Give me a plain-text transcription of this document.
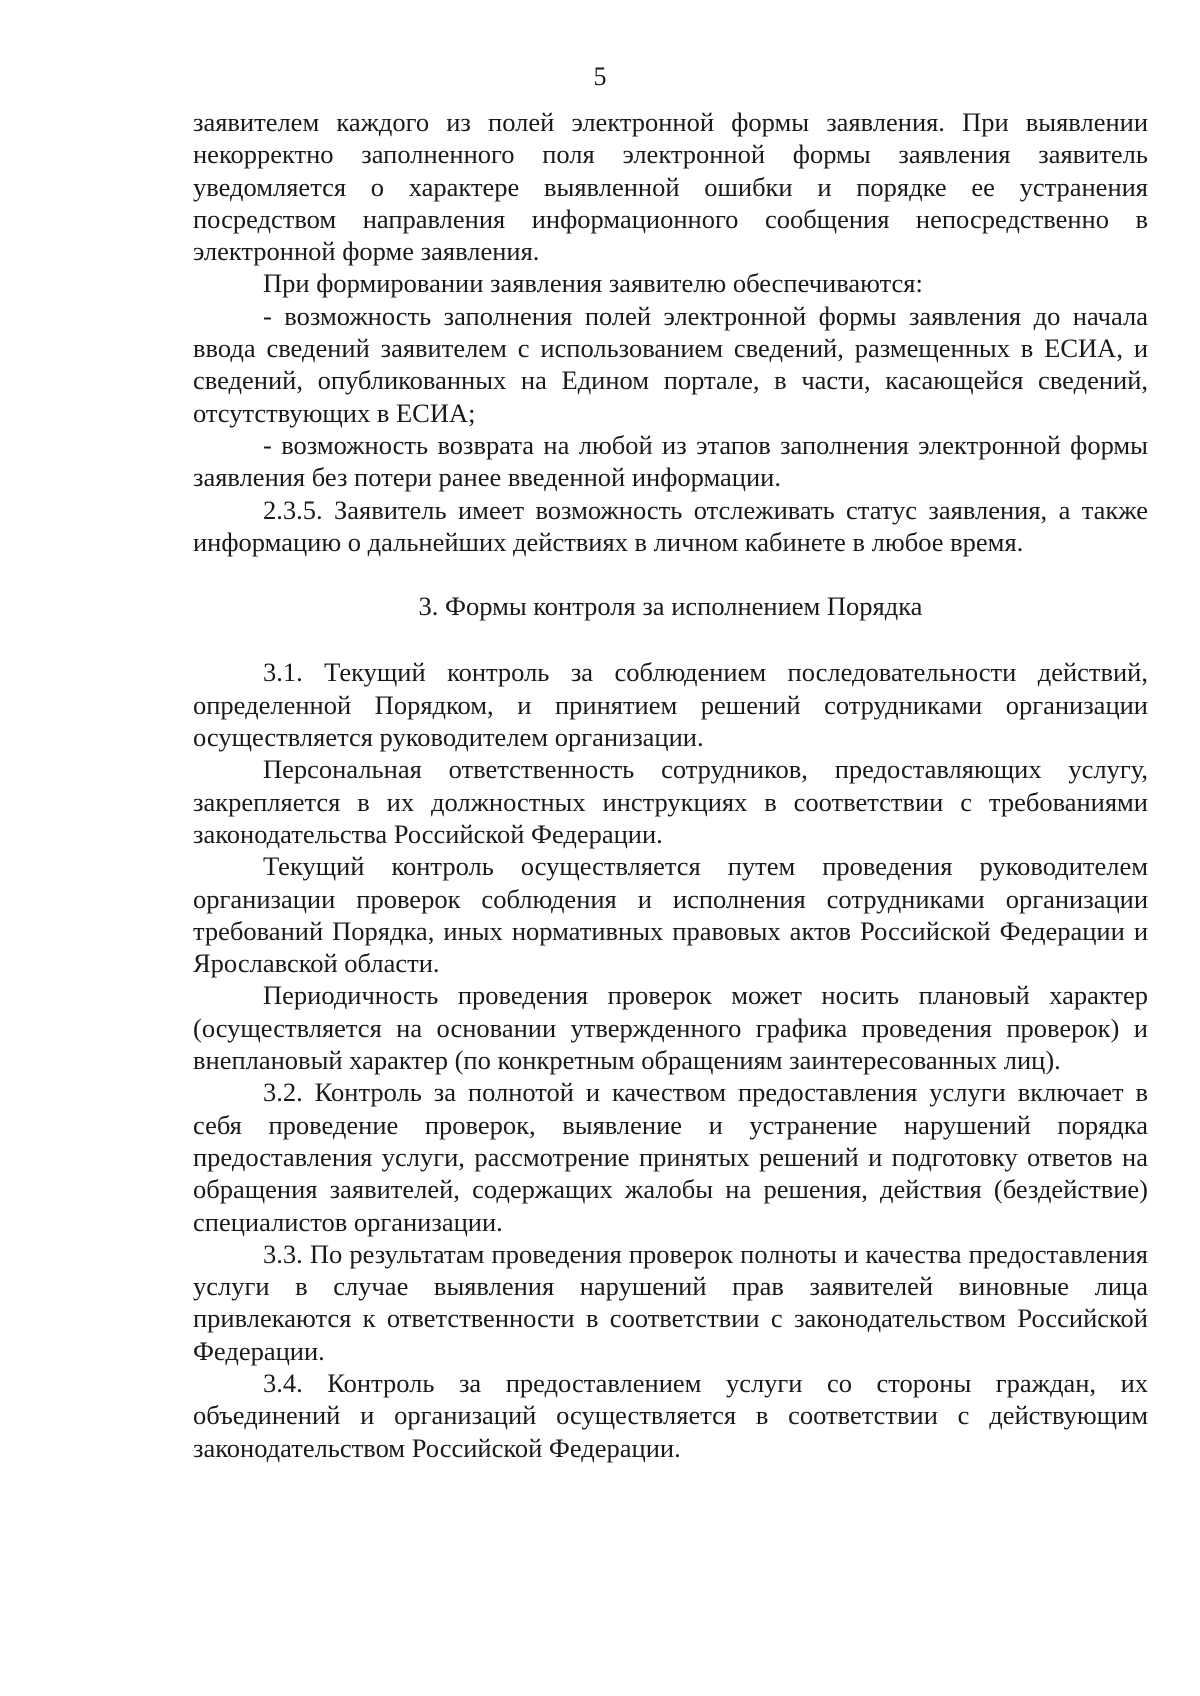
5

заявителем каждого из полей электронной формы заявления. При выявлении некорректно заполненного поля электронной формы заявления заявитель уведомляется о характере выявленной ошибки и порядке ее устранения посредством направления информационного сообщения непосредственно в электронной форме заявления.

При формировании заявления заявителю обеспечиваются:

- возможность заполнения полей электронной формы заявления до начала ввода сведений заявителем с использованием сведений, размещенных в ЕСИА, и сведений, опубликованных на Едином портале, в части, касающейся сведений, отсутствующих в ЕСИА;

- возможность возврата на любой из этапов заполнения электронной формы заявления без потери ранее введенной информации.

2.3.5. Заявитель имеет возможность отслеживать статус заявления, а также информацию о дальнейших действиях в личном кабинете в любое время.

3. Формы контроля за исполнением Порядка

3.1. Текущий контроль за соблюдением последовательности действий, определенной Порядком, и принятием решений сотрудниками организации осуществляется руководителем организации.

Персональная ответственность сотрудников, предоставляющих услугу, закрепляется в их должностных инструкциях в соответствии с требованиями законодательства Российской Федерации.

Текущий контроль осуществляется путем проведения руководителем организации проверок соблюдения и исполнения сотрудниками организации требований Порядка, иных нормативных правовых актов Российской Федерации и Ярославской области.

Периодичность проведения проверок может носить плановый характер (осуществляется на основании утвержденного графика проведения проверок) и внеплановый характер (по конкретным обращениям заинтересованных лиц).

3.2. Контроль за полнотой и качеством предоставления услуги включает в себя проведение проверок, выявление и устранение нарушений порядка предоставления услуги, рассмотрение принятых решений и подготовку ответов на обращения заявителей, содержащих жалобы на решения, действия (бездействие) специалистов организации.

3.3. По результатам проведения проверок полноты и качества предоставления услуги в случае выявления нарушений прав заявителей виновные лица привлекаются к ответственности в соответствии с законодательством Российской Федерации.

3.4. Контроль за предоставлением услуги со стороны граждан, их объединений и организаций осуществляется в соответствии с действующим законодательством Российской Федерации.
